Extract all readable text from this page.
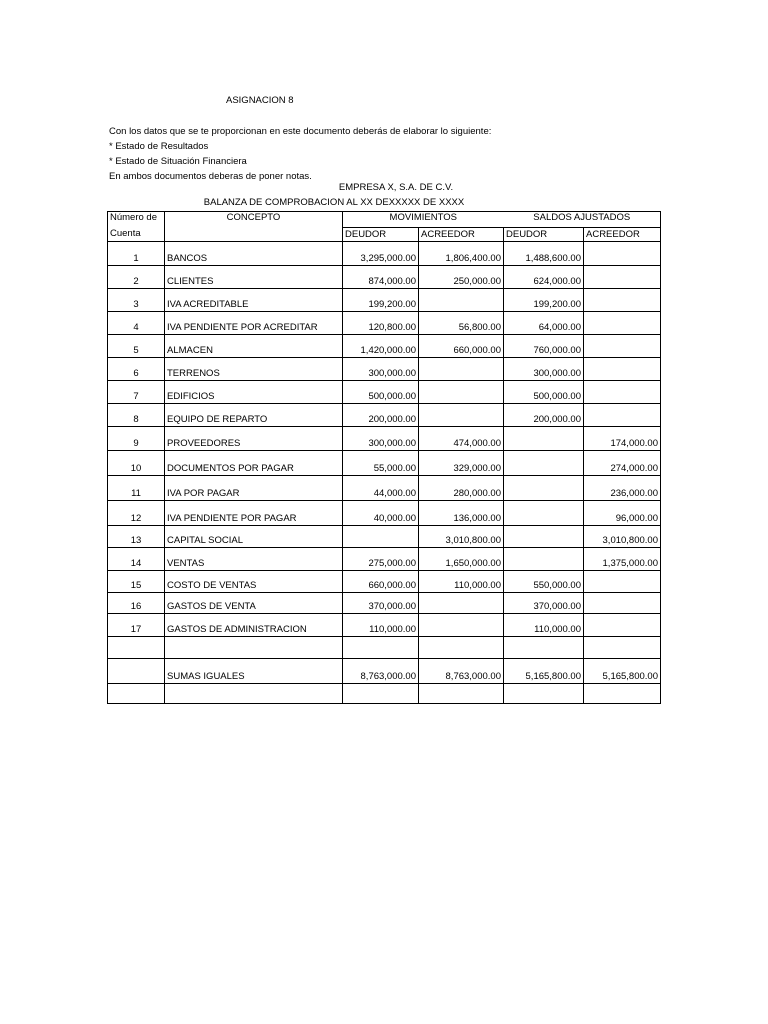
ASIGNACION 8
Con los datos que se te proporcionan en este documento deberás de elaborar lo siguiente:
* Estado de Resultados
* Estado de Situación Financiera
En ambos documentos deberas de poner notas.
EMPRESA X, S.A. DE C.V.
BALANZA DE COMPROBACION AL XX DEXXXXX DE XXXX
Número de	CONCEPTO	MOVIMIENTOS		SALDOS AJUSTADOS	
Cuenta		DEUDOR	ACREEDOR	DEUDOR	ACREEDOR
1	BANCOS	3,295,000.00	1,806,400.00	1,488,600.00	
2	CLIENTES	874,000.00	250,000.00	624,000.00	
3	IVA ACREDITABLE	199,200.00		199,200.00	
4	IVA PENDIENTE POR ACREDITAR	120,800.00	56,800.00	64,000.00	
5	ALMACEN	1,420,000.00	660,000.00	760,000.00	
6	TERRENOS	300,000.00		300,000.00	
7	EDIFICIOS	500,000.00		500,000.00	
8	EQUIPO DE REPARTO	200,000.00		200,000.00	
9	PROVEEDORES	300,000.00	474,000.00		174,000.00
10	DOCUMENTOS POR PAGAR	55,000.00	329,000.00		274,000.00
11	IVA POR PAGAR	44,000.00	280,000.00		236,000.00
12	IVA PENDIENTE POR PAGAR	40,000.00	136,000.00		96,000.00
13	CAPITAL SOCIAL		3,010,800.00		3,010,800.00
14	VENTAS	275,000.00	1,650,000.00		1,375,000.00
15	COSTO DE VENTAS	660,000.00	110,000.00	550,000.00	
16	GASTOS DE VENTA	370,000.00		370,000.00	
17	GASTOS DE ADMINISTRACION	110,000.00		110,000.00	

	SUMAS IGUALES	8,763,000.00	8,763,000.00	5,165,800.00	5,165,800.00
